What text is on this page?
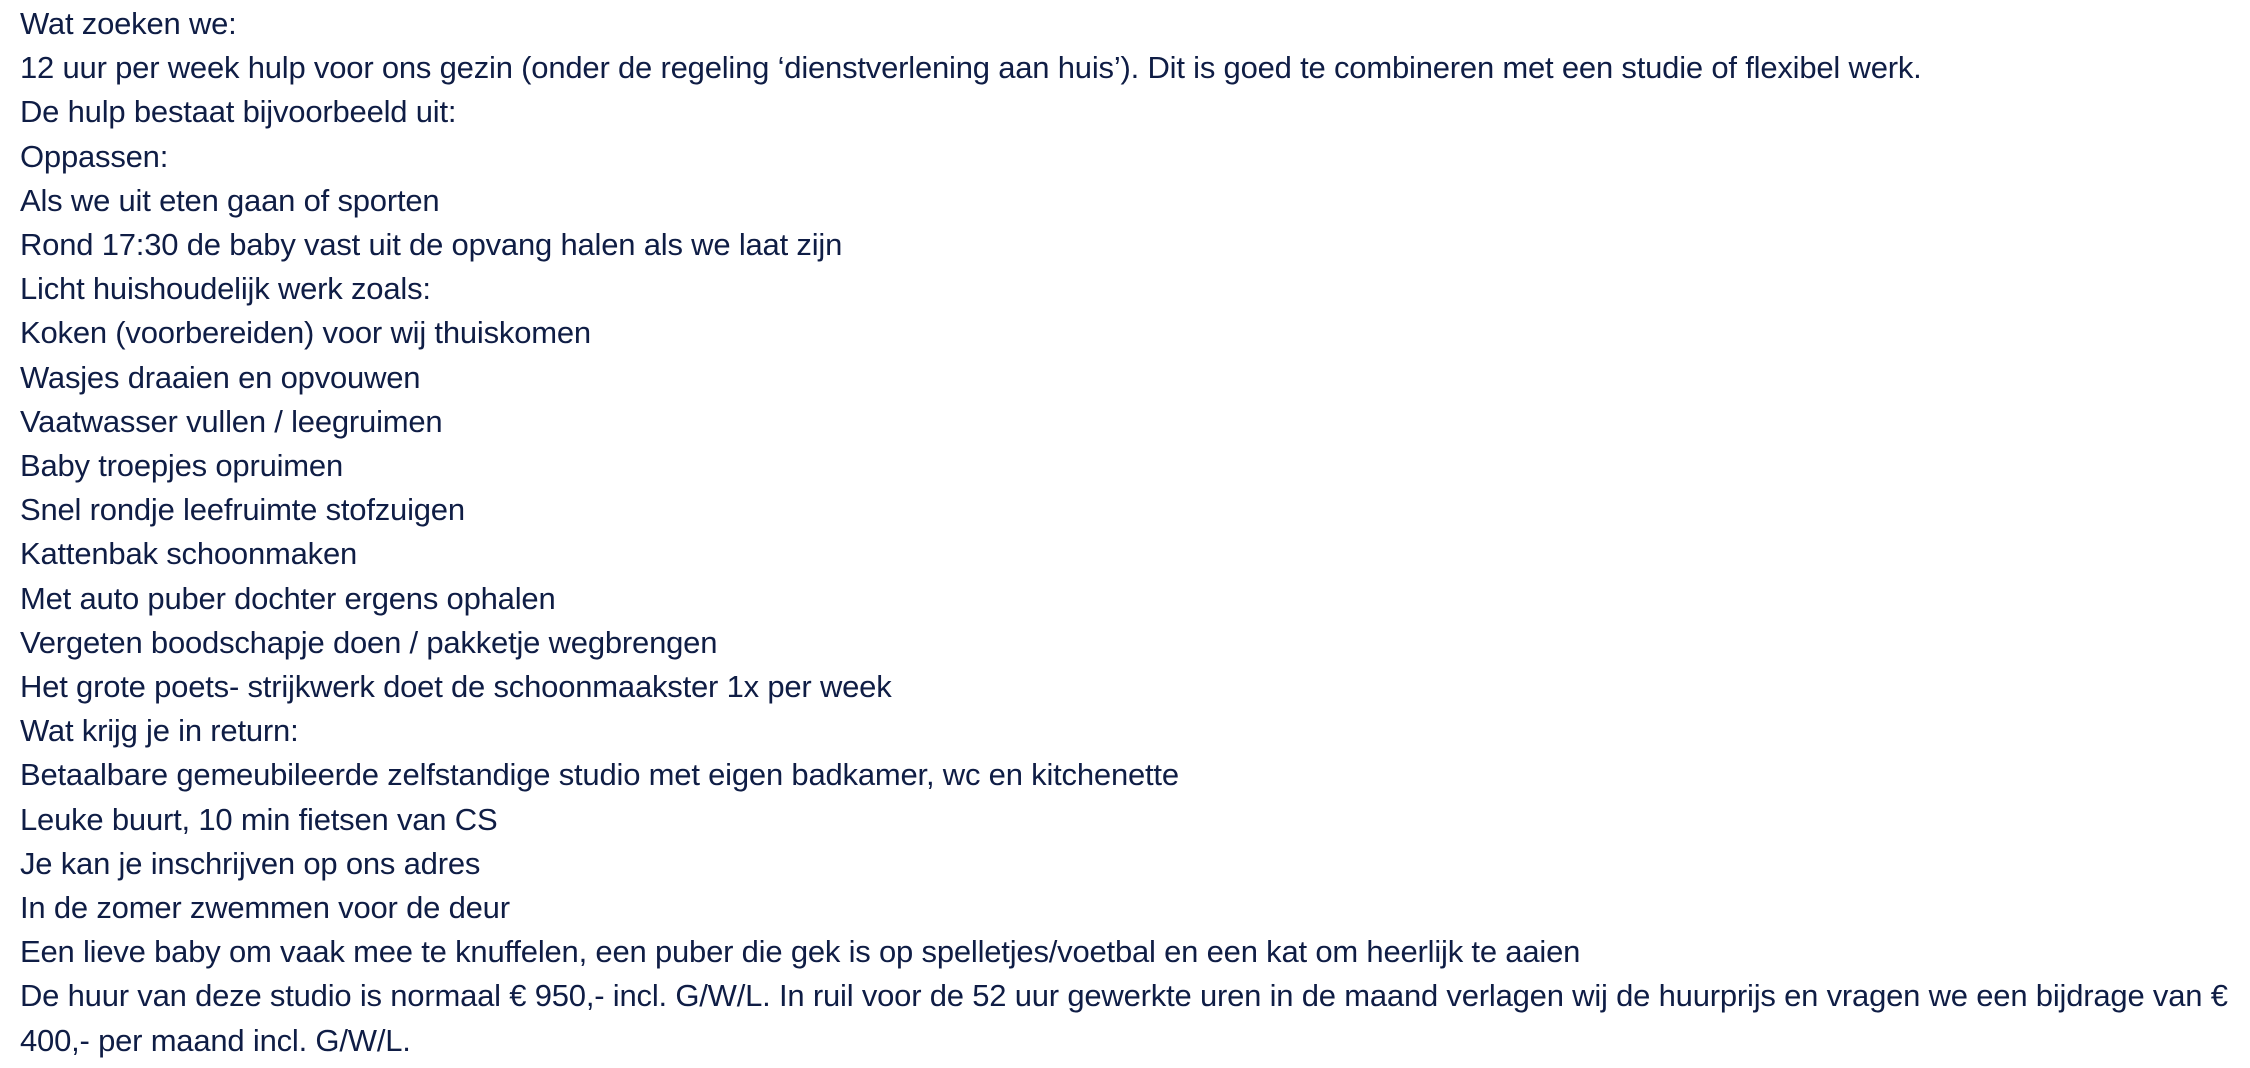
Wat zoeken we:
12 uur per week hulp voor ons gezin (onder de regeling ‘dienstverlening aan huis’). Dit is goed te combineren met een studie of flexibel werk.
De hulp bestaat bijvoorbeeld uit:
Oppassen:
Als we uit eten gaan of sporten
Rond 17:30 de baby vast uit de opvang halen als we laat zijn
Licht huishoudelijk werk zoals:
Koken (voorbereiden) voor wij thuiskomen
Wasjes draaien en opvouwen
Vaatwasser vullen / leegruimen
Baby troepjes opruimen
Snel rondje leefruimte stofzuigen
Kattenbak schoonmaken
Met auto puber dochter ergens ophalen
Vergeten boodschapje doen / pakketje wegbrengen
Het grote poets- strijkwerk doet de schoonmaakster 1x per week
Wat krijg je in return:
Betaalbare gemeubileerde zelfstandige studio met eigen badkamer, wc en kitchenette
Leuke buurt, 10 min fietsen van CS
Je kan je inschrijven op ons adres
In de zomer zwemmen voor de deur
Een lieve baby om vaak mee te knuffelen, een puber die gek is op spelletjes/voetbal en een kat om heerlijk te aaien
De huur van deze studio is normaal € 950,- incl. G/W/L. In ruil voor de 52 uur gewerkte uren in de maand verlagen wij de huurprijs en vragen we een bijdrage van € 400,- per maand incl. G/W/L.
